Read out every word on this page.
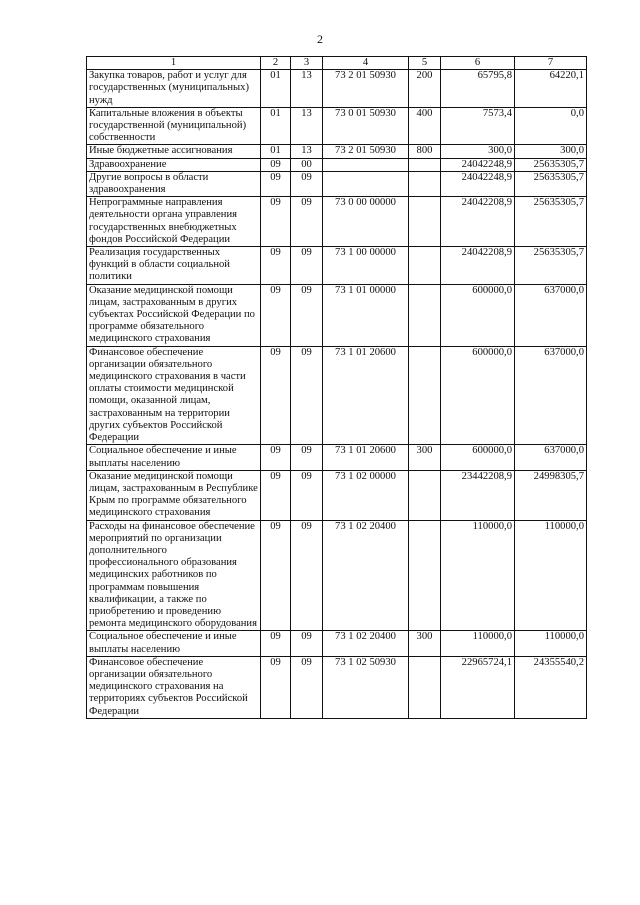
2
1	2	3	4	5	6	7
Закупка товаров, работ и услуг для государственных (муниципальных) нужд	01	13	73 2 01 50930	200	65795,8	64220,1
Капитальные вложения в объекты государственной (муниципальной) собственности	01	13	73 0 01 50930	400	7573,4	0,0
Иные бюджетные ассигнования	01	13	73 2 01 50930	800	300,0	300,0
Здравоохранение	09	00			24042248,9	25635305,7
Другие вопросы в области здравоохранения	09	09			24042248,9	25635305,7
Непрограммные направления деятельности органа управления государственных внебюджетных фондов Российской Федерации	09	09	73 0 00 00000		24042208,9	25635305,7
Реализация государственных функций в области социальной политики	09	09	73 1 00 00000		24042208,9	25635305,7
Оказание медицинской помощи лицам, застрахованным в других субъектах Российской Федерации по программе обязательного медицинского страхования	09	09	73 1 01 00000		600000,0	637000,0
Финансовое обеспечение организации обязательного медицинского страхования в части оплаты стоимости медицинской помощи, оказанной лицам, застрахованным на территории других субъектов Российской Федерации	09	09	73 1 01 20600		600000,0	637000,0
Социальное обеспечение и иные выплаты населению	09	09	73 1 01 20600	300	600000,0	637000,0
Оказание медицинской помощи лицам, застрахованным в Республике Крым по программе обязательного медицинского страхования	09	09	73 1 02 00000		23442208,9	24998305,7
Расходы на финансовое обеспечение мероприятий по организации дополнительного профессионального образования медицинских работников по программам повышения квалификации, а также по приобретению и проведению ремонта медицинского оборудования	09	09	73 1 02 20400		110000,0	110000,0
Социальное обеспечение и иные выплаты населению	09	09	73 1 02 20400	300	110000,0	110000,0
Финансовое обеспечение организации обязательного медицинского страхования на территориях субъектов Российской Федерации	09	09	73 1 02 50930		22965724,1	24355540,2
